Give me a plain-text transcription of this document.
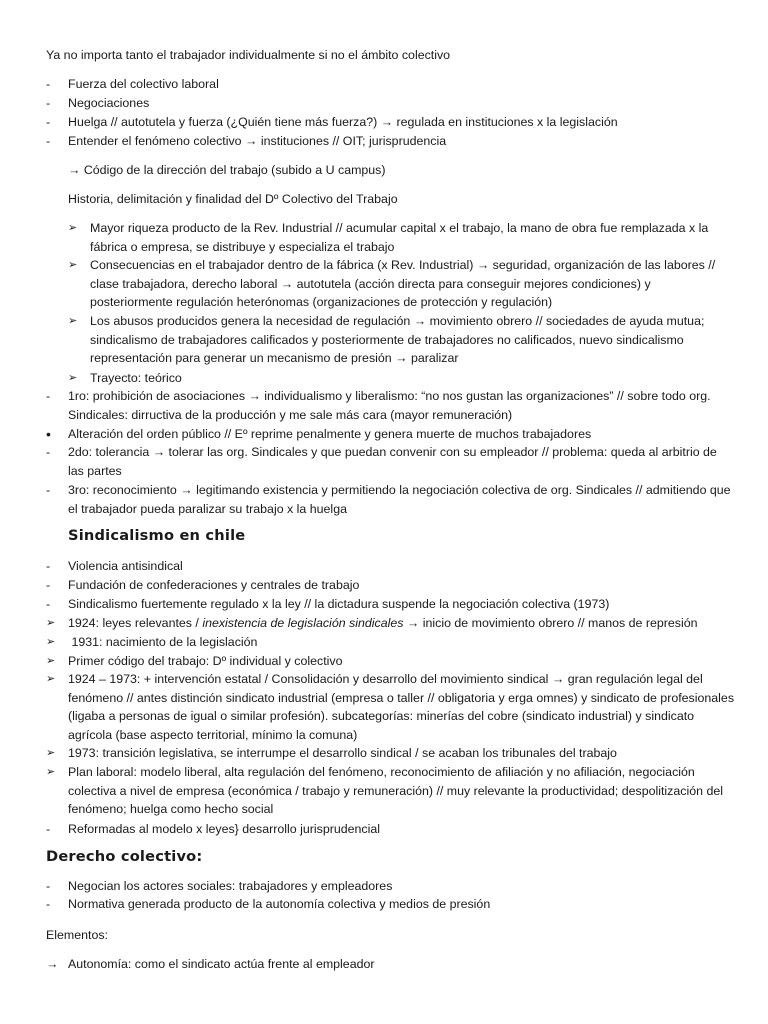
Ya no importa tanto el trabajador individualmente si no el ámbito colectivo

-	Fuerza del colectivo laboral
-	Negociaciones
-	Huelga // autotutela y fuerza (¿Quién tiene más fuerza?) → regulada en instituciones x la legislación
-	Entender el fenómeno colectivo → instituciones // OIT; jurisprudencia
→ Código de la dirección del trabajo (subido a U campus)
Historia, delimitación y finalidad del Dº Colectivo del Trabajo
➢	Mayor riqueza producto de la Rev. Industrial // acumular capital x el trabajo, la mano de obra fue remplazada x la fábrica o empresa, se distribuye y especializa el trabajo
➢	Consecuencias en el trabajador dentro de la fábrica (x Rev. Industrial) → seguridad, organización de las labores // clase trabajadora, derecho laboral → autotutela (acción directa para conseguir mejores condiciones) y posteriormente regulación heterónomas (organizaciones de protección y regulación)
➢	Los abusos producidos genera la necesidad de regulación → movimiento obrero // sociedades de ayuda mutua; sindicalismo de trabajadores calificados y posteriormente de trabajadores no calificados, nuevo sindicalismo representación para generar un mecanismo de presión → paralizar
➢	Trayecto: teórico
-	1ro: prohibición de asociaciones → individualismo y liberalismo: “no nos gustan las organizaciones” // sobre todo org. Sindicales: dirructiva de la producción y me sale más cara (mayor remuneración)
•	Alteración del orden público // Eº reprime penalmente y genera muerte de muchos trabajadores
-	2do: tolerancia → tolerar las org. Sindicales y que puedan convenir con su empleador // problema: queda al arbitrio de las partes
-	3ro: reconocimiento → legitimando existencia y permitiendo la negociación colectiva de org. Sindicales // admitiendo que el trabajador pueda paralizar su trabajo x la huelga
Sindicalismo en chile
-	Violencia antisindical
-	Fundación de confederaciones y centrales de trabajo
-	Sindicalismo fuertemente regulado x la ley // la dictadura suspende la negociación colectiva (1973)
➢	1924: leyes relevantes / inexistencia de legislación sindicales → inicio de movimiento obrero // manos de represión
➢	1931: nacimiento de la legislación
➢	Primer código del trabajo: Dº individual y colectivo
➢	1924 – 1973: + intervención estatal / Consolidación y desarrollo del movimiento sindical → gran regulación legal del fenómeno // antes distinción sindicato industrial (empresa o taller // obligatoria y erga omnes) y sindicato de profesionales (ligaba a personas de igual o similar profesión). subcategorías: minerías del cobre (sindicato industrial) y sindicato agrícola (base aspecto territorial, mínimo la comuna)
➢	1973: transición legislativa, se interrumpe el desarrollo sindical / se acaban los tribunales del trabajo
➢	Plan laboral: modelo liberal, alta regulación del fenómeno, reconocimiento de afiliación y no afiliación, negociación colectiva a nivel de empresa (económica / trabajo y remuneración) // muy relevante la productividad; despolitización del fenómeno; huelga como hecho social
-	Reformadas al modelo x leyes} desarrollo jurisprudencial
Derecho colectivo:
-	Negocian los actores sociales: trabajadores y empleadores
-	Normativa generada producto de la autonomía colectiva y medios de presión

Elementos:

→ Autonomía: como el sindicato actúa frente al empleador
